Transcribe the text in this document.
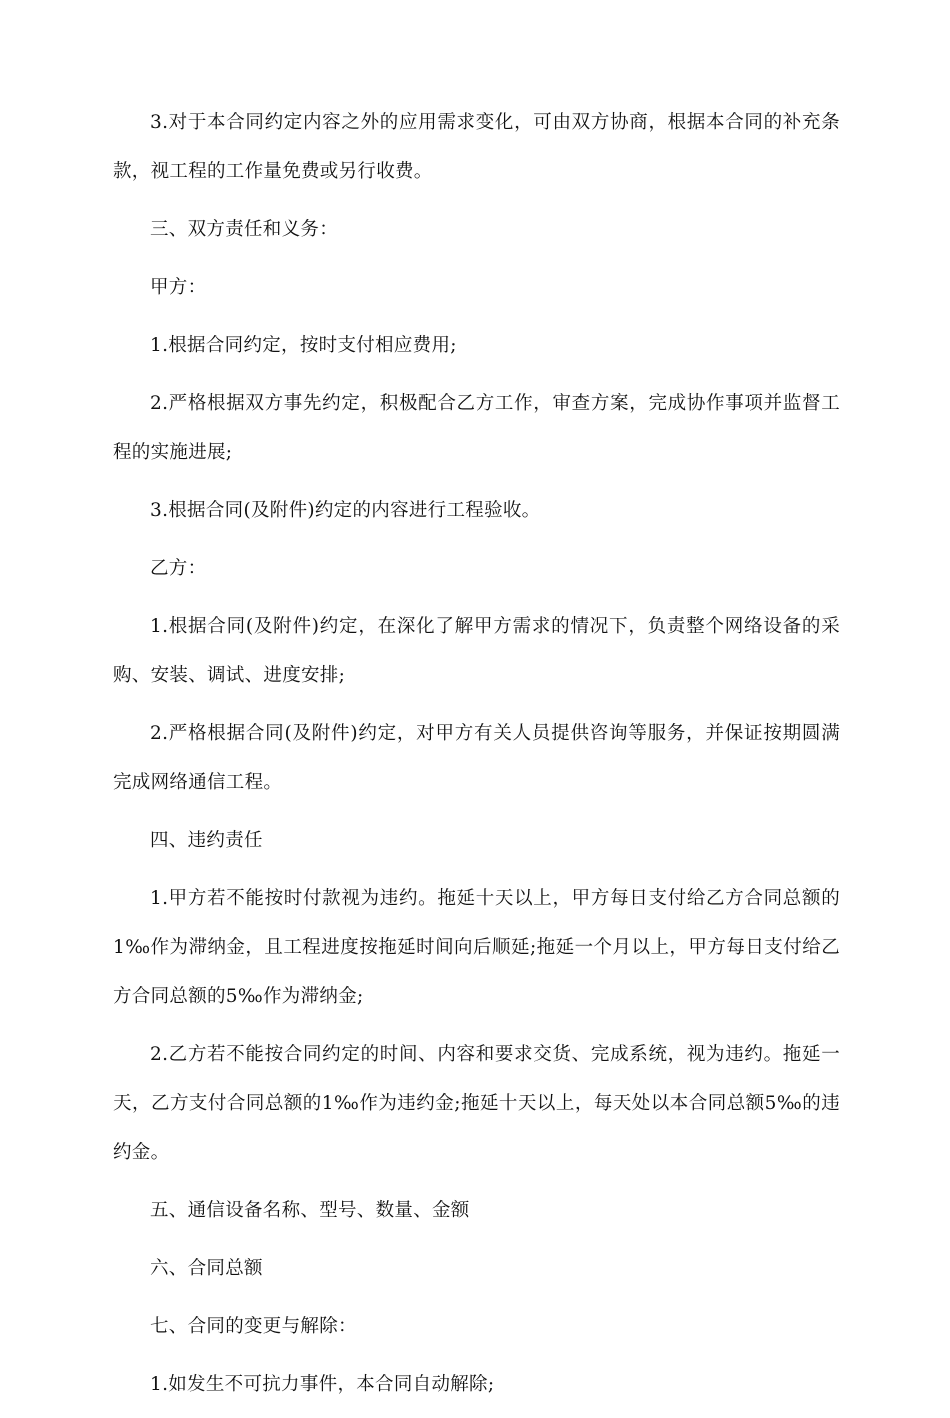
3.对于本合同约定内容之外的应用需求变化，可由双方协商，根据本合同的补充条款，视工程的工作量免费或另行收费。

三、双方责任和义务：

甲方：

1.根据合同约定，按时支付相应费用;

2.严格根据双方事先约定，积极配合乙方工作，审查方案，完成协作事项并监督工程的实施进展;

3.根据合同(及附件)约定的内容进行工程验收。

乙方：

1.根据合同(及附件)约定，在深化了解甲方需求的情况下，负责整个网络设备的采购、安装、调试、进度安排;

2.严格根据合同(及附件)约定，对甲方有关人员提供咨询等服务，并保证按期圆满完成网络通信工程。

四、违约责任

1.甲方若不能按时付款视为违约。拖延十天以上，甲方每日支付给乙方合同总额的1‰作为滞纳金，且工程进度按拖延时间向后顺延;拖延一个月以上，甲方每日支付给乙方合同总额的5‰作为滞纳金;

2.乙方若不能按合同约定的时间、内容和要求交货、完成系统，视为违约。拖延一天，乙方支付合同总额的1‰作为违约金;拖延十天以上，每天处以本合同总额5‰的违约金。

五、通信设备名称、型号、数量、金额

六、合同总额

七、合同的变更与解除：

1.如发生不可抗力事件，本合同自动解除;
